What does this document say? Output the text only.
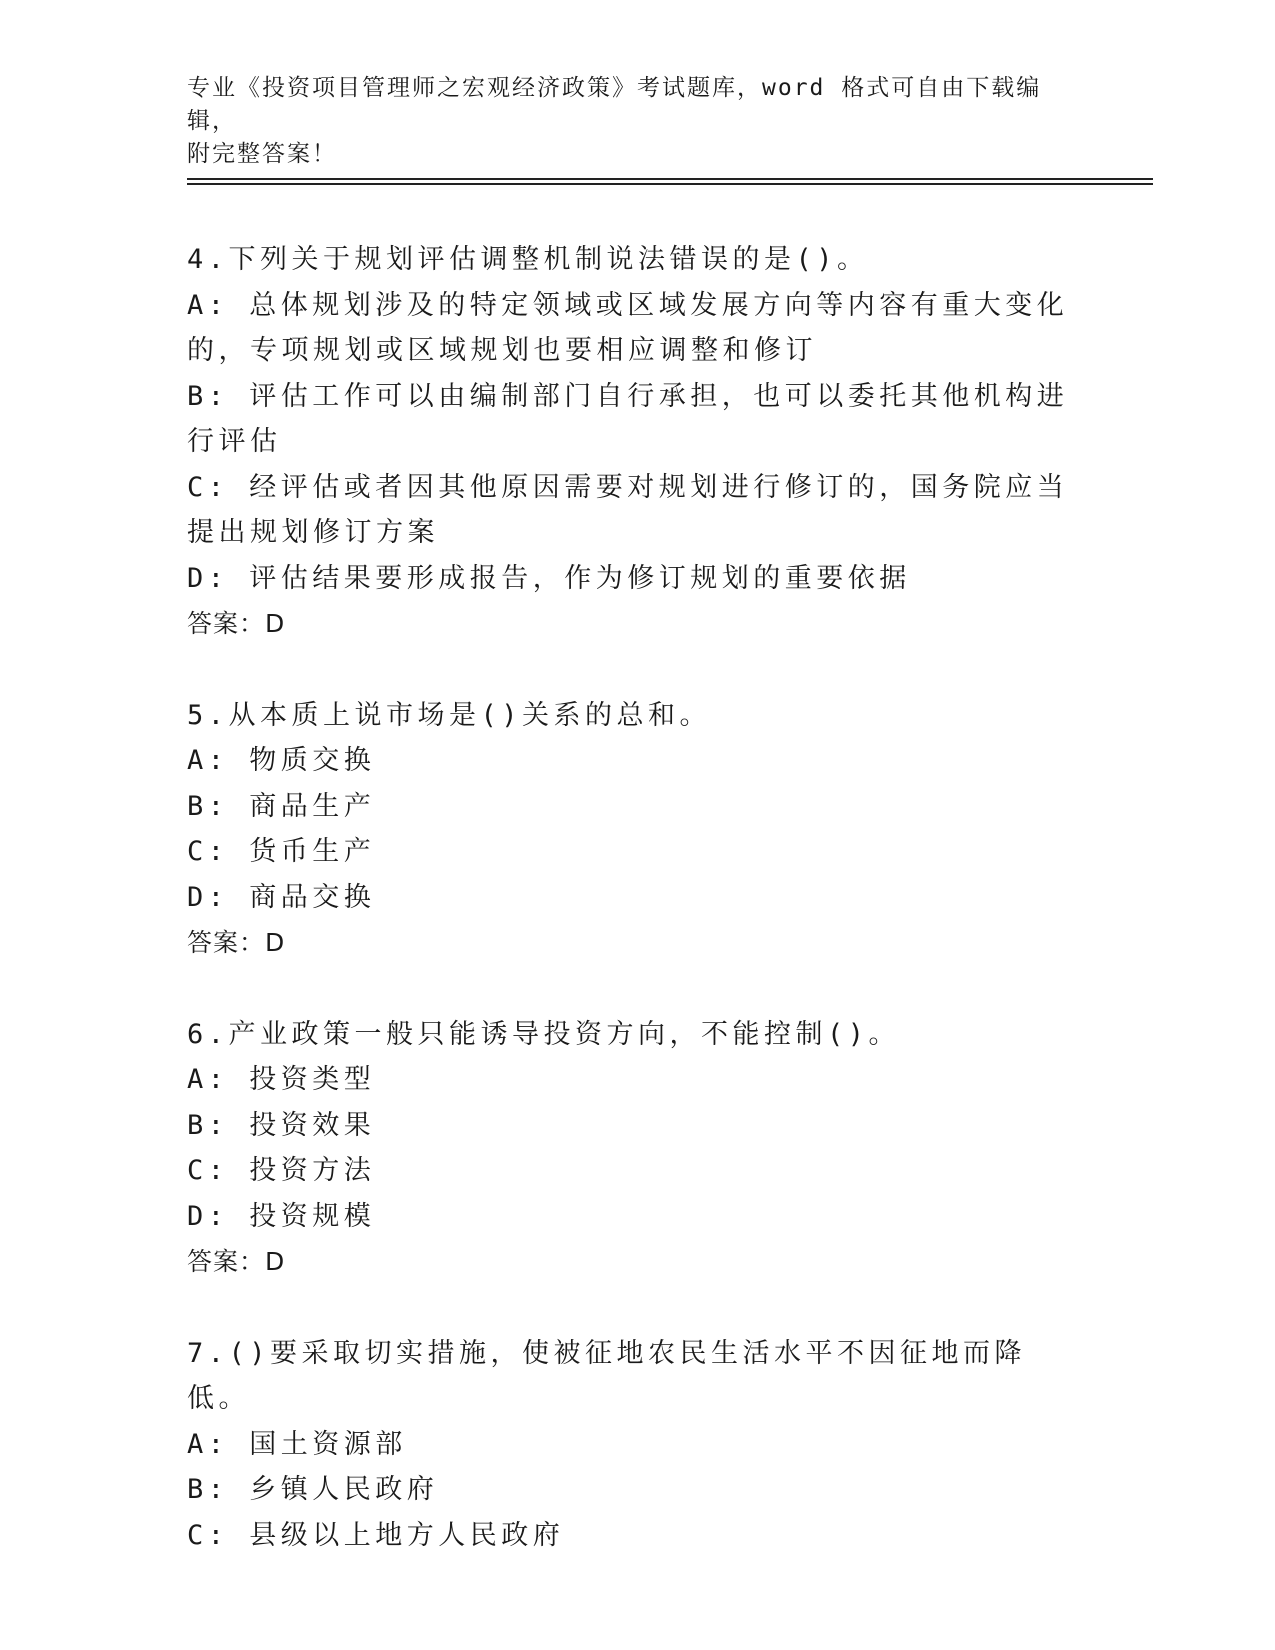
专业《投资项目管理师之宏观经济政策》考试题库，word 格式可自由下载编辑，
附完整答案！
4.下列关于规划评估调整机制说法错误的是()。
A: 总体规划涉及的特定领域或区域发展方向等内容有重大变化的，专项规划或区域规划也要相应调整和修订
B: 评估工作可以由编制部门自行承担，也可以委托其他机构进行评估
C: 经评估或者因其他原因需要对规划进行修订的，国务院应当提出规划修订方案
D: 评估结果要形成报告，作为修订规划的重要依据
答案：D
5.从本质上说市场是()关系的总和。
A: 物质交换
B: 商品生产
C: 货币生产
D: 商品交换
答案：D
6.产业政策一般只能诱导投资方向，不能控制()。
A: 投资类型
B: 投资效果
C: 投资方法
D: 投资规模
答案：D
7.()要采取切实措施，使被征地农民生活水平不因征地而降低。
A: 国土资源部
B: 乡镇人民政府
C: 县级以上地方人民政府
